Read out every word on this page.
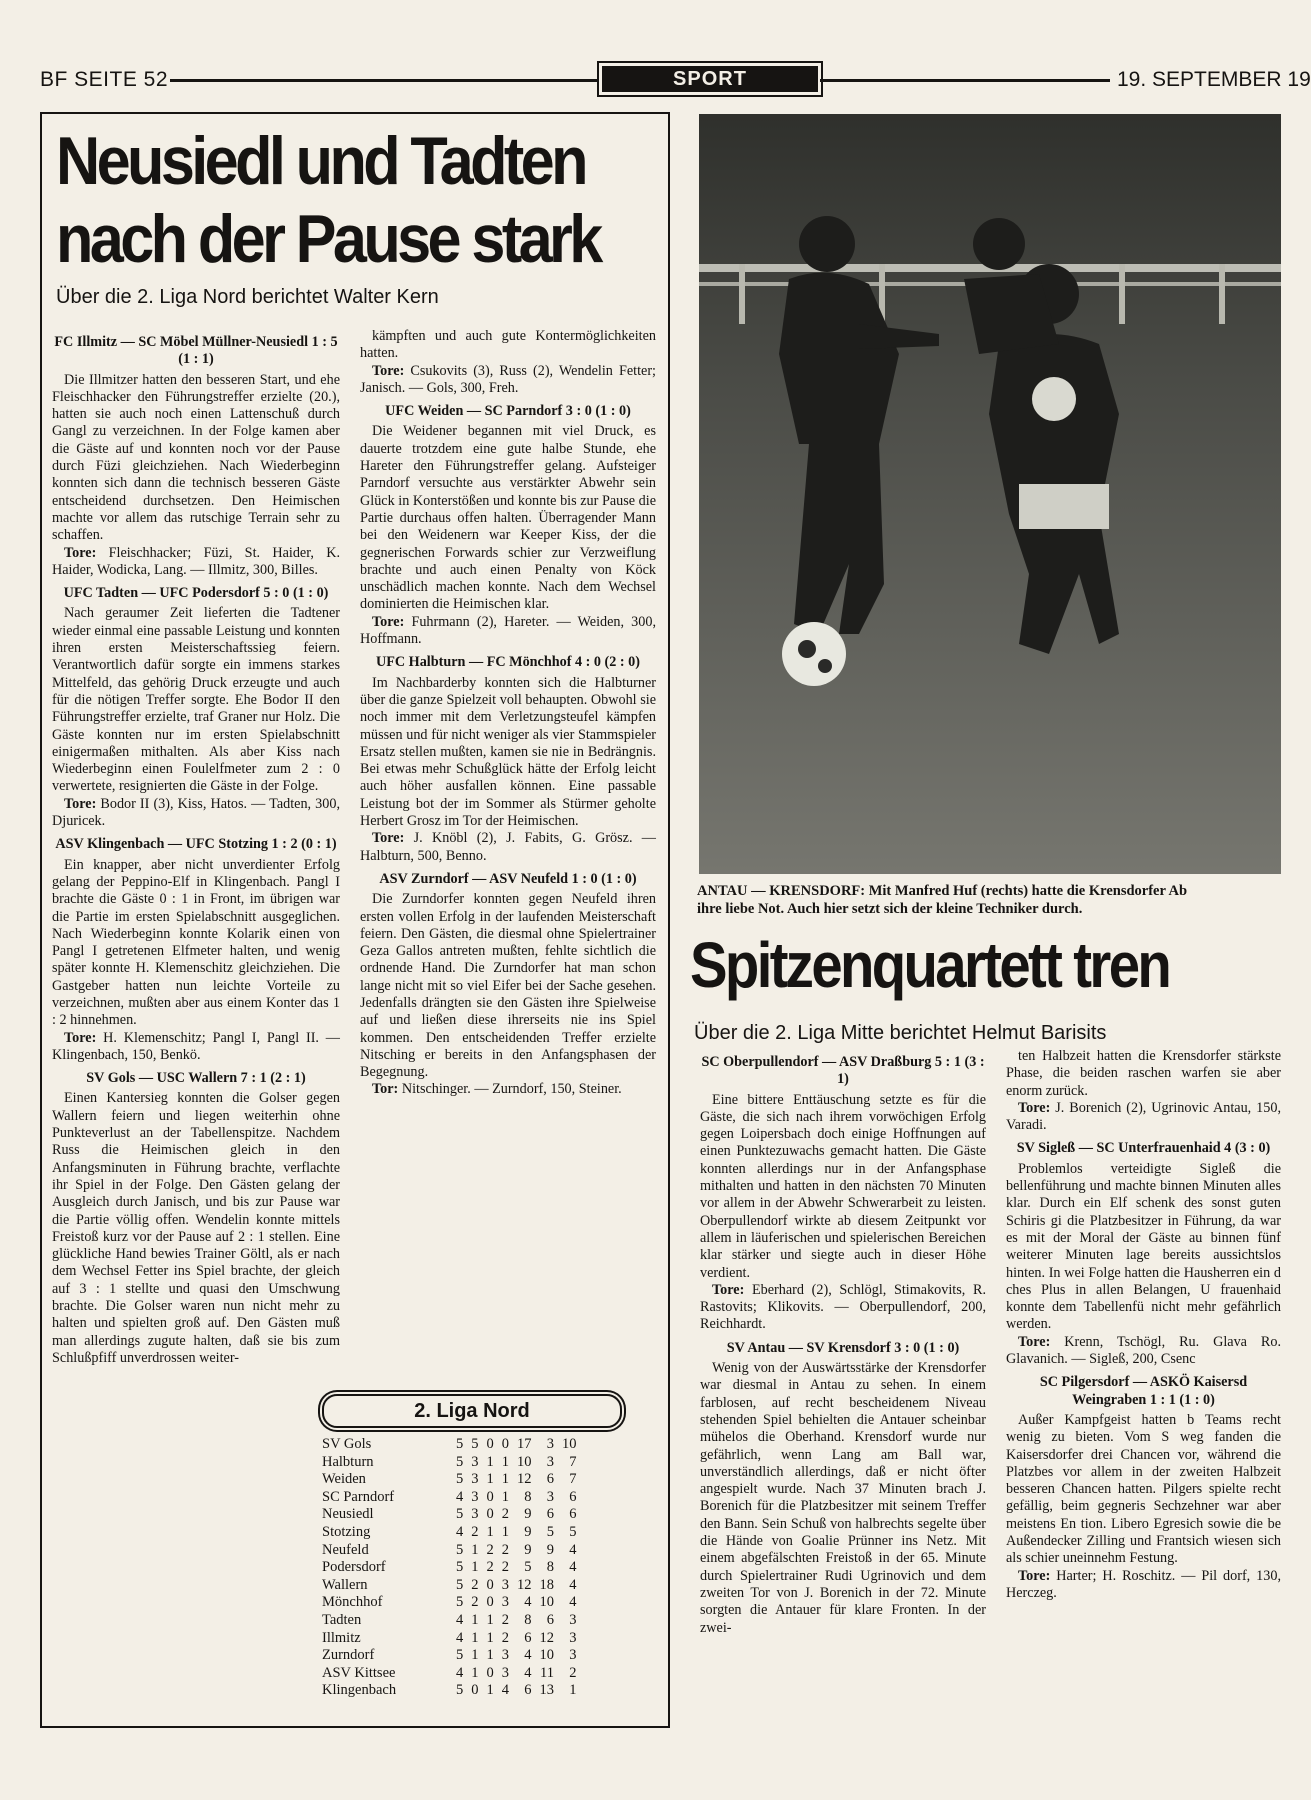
BF SEITE 52	SPORT	19. SEPTEMBER 19
Neusiedl und Tadten
nach der Pause stark
Über die 2. Liga Nord berichtet Walter Kern
FC Illmitz — SC Möbel Müllner-Neusiedl 1 : 5 (1 : 1)

Die Illmitzer hatten den besseren Start, und ehe Fleischhacker den Führungstreffer erzielte (20.), hatten sie auch noch einen Lattenschuß durch Gangl zu verzeichnen. In der Folge kamen aber die Gäste auf und konnten noch vor der Pause durch Füzi gleichziehen. Nach Wiederbeginn konnten sich dann die technisch besseren Gäste entscheidend durchsetzen. Den Heimischen machte vor allem das rutschige Terrain sehr zu schaffen.

Tore: Fleischhacker; Füzi, St. Haider, K. Haider, Wodicka, Lang. — Illmitz, 300, Billes.

UFC Tadten — UFC Podersdorf 5 : 0 (1 : 0)

Nach geraumer Zeit lieferten die Tadtener wieder einmal eine passable Leistung und konnten ihren ersten Meisterschaftssieg feiern. Verantwortlich dafür sorgte ein immens starkes Mittelfeld, das gehörig Druck erzeugte und auch für die nötigen Treffer sorgte. Ehe Bodor II den Führungstreffer erzielte, traf Graner nur Holz. Die Gäste konnten nur im ersten Spielabschnitt einigermaßen mithalten. Als aber Kiss nach Wiederbeginn einen Foulelfmeter zum 2 : 0 verwertete, resignierten die Gäste in der Folge.

Tore: Bodor II (3), Kiss, Hatos. — Tadten, 300, Djuricek.

ASV Klingenbach — UFC Stotzing 1 : 2 (0 : 1)

Ein knapper, aber nicht unverdienter Erfolg gelang der Peppino-Elf in Klingenbach. Pangl I brachte die Gäste 0 : 1 in Front, im übrigen war die Partie im ersten Spielabschnitt ausgeglichen. Nach Wiederbeginn konnte Kolarik einen von Pangl I getretenen Elfmeter halten, und wenig später konnte H. Klemenschitz gleichziehen. Die Gastgeber hatten nun leichte Vorteile zu verzeichnen, mußten aber aus einem Konter das 1 : 2 hinnehmen.

Tore: H. Klemenschitz; Pangl I, Pangl II. — Klingenbach, 150, Benkö.

SV Gols — USC Wallern 7 : 1 (2 : 1)

Einen Kantersieg konnten die Golser gegen Wallern feiern und liegen weiterhin ohne Punkteverlust an der Tabellenspitze. Nachdem Russ die Heimischen gleich in den Anfangsminuten in Führung brachte, verflachte ihr Spiel in der Folge. Den Gästen gelang der Ausgleich durch Janisch, und bis zur Pause war die Partie völlig offen. Wendelin konnte mittels Freistoß kurz vor der Pause auf 2 : 1 stellen. Eine glückliche Hand bewies Trainer Göltl, als er nach dem Wechsel Fetter ins Spiel brachte, der gleich auf 3 : 1 stellte und quasi den Umschwung brachte. Die Golser waren nun nicht mehr zu halten und spielten groß auf. Den Gästen muß man allerdings zugute halten, daß sie bis zum Schlußpfiff unverdrossen weiter-

kämpften und auch gute Kontermöglichkeiten hatten.

Tore: Csukovits (3), Russ (2), Wendelin Fetter; Janisch. — Gols, 300, Freh.

UFC Weiden — SC Parndorf 3 : 0 (1 : 0)

Die Weidener begannen mit viel Druck, es dauerte trotzdem eine gute halbe Stunde, ehe Hareter den Führungstreffer gelang. Aufsteiger Parndorf versuchte aus verstärkter Abwehr sein Glück in Konterstößen und konnte bis zur Pause die Partie durchaus offen halten. Überragender Mann bei den Weidenern war Keeper Kiss, der die gegnerischen Forwards schier zur Verzweiflung brachte und auch einen Penalty von Köck unschädlich machen konnte. Nach dem Wechsel dominierten die Heimischen klar.

Tore: Fuhrmann (2), Hareter. — Weiden, 300, Hoffmann.

UFC Halbturn — FC Mönchhof 4 : 0 (2 : 0)

Im Nachbarderby konnten sich die Halbturner über die ganze Spielzeit voll behaupten. Obwohl sie noch immer mit dem Verletzungsteufel kämpfen müssen und für nicht weniger als vier Stammspieler Ersatz stellen mußten, kamen sie nie in Bedrängnis. Bei etwas mehr Schußglück hätte der Erfolg leicht auch höher ausfallen können. Eine passable Leistung bot der im Sommer als Stürmer geholte Herbert Grosz im Tor der Heimischen.

Tore: J. Knöbl (2), J. Fabits, G. Grösz. — Halbturn, 500, Benno.

ASV Zurndorf — ASV Neufeld 1 : 0 (1 : 0)

Die Zurndorfer konnten gegen Neufeld ihren ersten vollen Erfolg in der laufenden Meisterschaft feiern. Den Gästen, die diesmal ohne Spielertrainer Geza Gallos antreten mußten, fehlte sichtlich die ordnende Hand. Die Zurndorfer hat man schon lange nicht mit so viel Eifer bei der Sache gesehen. Jedenfalls drängten sie den Gästen ihre Spielweise auf und ließen diese ihrerseits nie ins Spiel kommen. Den entscheidenden Treffer erzielte Nitsching er bereits in den Anfangsphasen der Begegnung.

Tor: Nitschinger. — Zurndorf, 150, Steiner.

2. Liga Nord
SV Gols	5	5	0	0	17	3	10
Halbturn	5	3	1	1	10	3	7
Weiden	5	3	1	1	12	6	7
SC Parndorf	4	3	0	1	8	3	6
Neusiedl	5	3	0	2	9	6	6
Stotzing	4	2	1	1	9	5	5
Neufeld	5	1	2	2	9	9	4
Podersdorf	5	1	2	2	5	8	4
Wallern	5	2	0	3	12	18	4
Mönchhof	5	2	0	3	4	10	4
Tadten	4	1	1	2	8	6	3
Illmitz	4	1	1	2	6	12	3
Zurndorf	5	1	1	3	4	10	3
ASV Kittsee	4	1	0	3	4	11	2
Klingenbach	5	0	1	4	6	13	1
ANTAU — KRENSDORF: Mit Manfred Huf (rechts) hatte die Krensdorfer Ab
ihre liebe Not. Auch hier setzt sich der kleine Techniker durch.
Spitzenquartett tren
Über die 2. Liga Mitte berichtet Helmut Barisits
SC Oberpullendorf — ASV Draßburg 5 : 1 (3 : 1)

Eine bittere Enttäuschung setzte es für die Gäste, die sich nach ihrem vorwöchigen Erfolg gegen Loipersbach doch einige Hoffnungen auf einen Punktezuwachs gemacht hatten. Die Gäste konnten allerdings nur in der Anfangsphase mithalten und hatten in den nächsten 70 Minuten vor allem in der Abwehr Schwerarbeit zu leisten. Oberpullendorf wirkte ab diesem Zeitpunkt vor allem in läuferischen und spielerischen Bereichen klar stärker und siegte auch in dieser Höhe verdient.

Tore: Eberhard (2), Schlögl, Stimakovits, R. Rastovits; Klikovits. — Oberpullendorf, 200, Reichhardt.

SV Antau — SV Krensdorf 3 : 0 (1 : 0)

Wenig von der Auswärtsstärke der Krensdorfer war diesmal in Antau zu sehen. In einem farblosen, auf recht bescheidenem Niveau stehenden Spiel behielten die Antauer scheinbar mühelos die Oberhand. Krensdorf wurde nur gefährlich, wenn Lang am Ball war, unverständlich allerdings, daß er nicht öfter angespielt wurde. Nach 37 Minuten brach J. Borenich für die Platzbesitzer mit seinem Treffer den Bann. Sein Schuß von halbrechts segelte über die Hände von Goalie Prünner ins Netz. Mit einem abgefälschten Freistoß in der 65. Minute durch Spielertrainer Rudi Ugrinovich und dem zweiten Tor von J. Borenich in der 72. Minute sorgten die Antauer für klare Fronten. In der zwei-

ten Halbzeit hatten die Krensdorfer stärkste Phase, die beiden raschen warfen sie aber enorm zurück.

Tore: J. Borenich (2), Ugrinovic Antau, 150, Varadi.

SV Sigleß — SC Unterfrauenhaid 4 (3 : 0)

Problemlos verteidigte Sigleß die bellenführung und machte binnen Minuten alles klar. Durch ein Elf schenk des sonst guten Schiris gi die Platzbesitzer in Führung, da war es mit der Moral der Gäste au binnen fünf weiterer Minuten lage bereits aussichtslos hinten. In wei Folge hatten die Hausherren ein d ches Plus in allen Belangen, U frauenhaid konnte dem Tabellenfü nicht mehr gefährlich werden.

Tore: Krenn, Tschögl, Ru. Glava Ro. Glavanich. — Sigleß, 200, Csenc

SC Pilgersdorf — ASKÖ Kaisersd Weingraben 1 : 1 (1 : 0)

Außer Kampfgeist hatten b Teams recht wenig zu bieten. Vom S weg fanden die Kaisersdorfer drei Chancen vor, während die Platzbes vor allem in der zweiten Halbzeit besseren Chancen hatten. Pilgers spielte recht gefällig, beim gegneris Sechzehner war aber meistens En tion. Libero Egresich sowie die be Außendecker Zilling und Frantsich wiesen sich als schier uneinnehm Festung.

Tore: Harter; H. Roschitz. — Pil dorf, 130, Herczeg.
